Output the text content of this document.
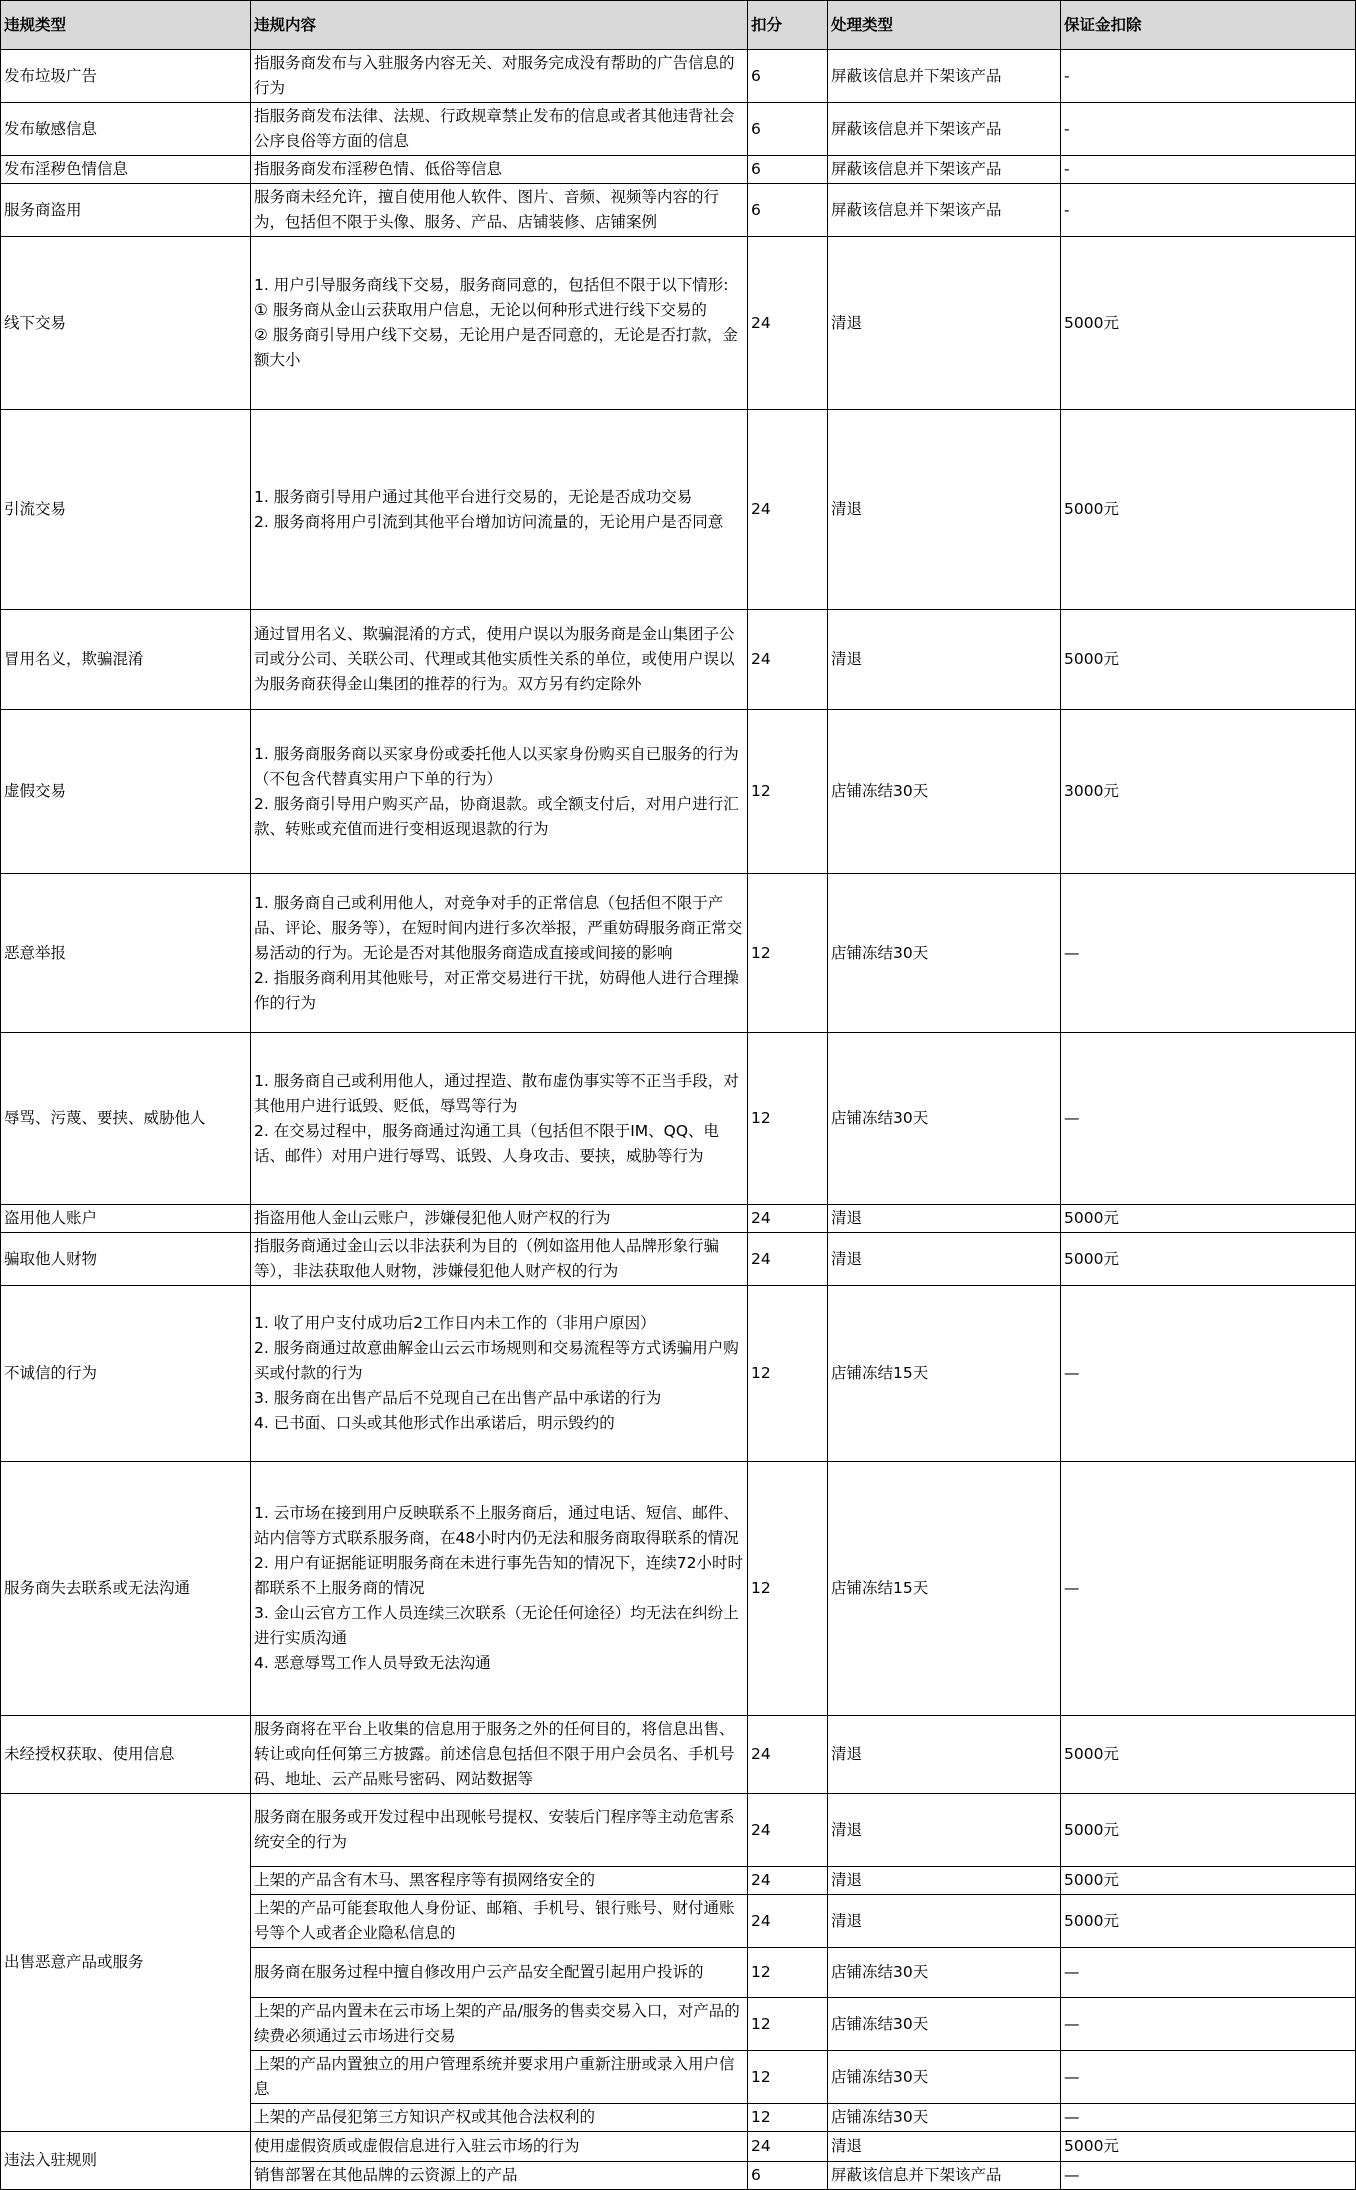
违规类型	违规内容	扣分	处理类型	保证金扣除
发布垃圾广告	指服务商发布与入驻服务内容无关、对服务完成没有帮助的广告信息的行为	6	屏蔽该信息并下架该产品	-
发布敏感信息	指服务商发布法律、法规、行政规章禁止发布的信息或者其他违背社会公序良俗等方面的信息	6	屏蔽该信息并下架该产品	-
发布淫秽色情信息	指服务商发布淫秽色情、低俗等信息	6	屏蔽该信息并下架该产品	-
服务商盗用	服务商未经允许，擅自使用他人软件、图片、音频、视频等内容的行为，包括但不限于头像、服务、产品、店铺装修、店铺案例	6	屏蔽该信息并下架该产品	-
线下交易	1. 用户引导服务商线下交易，服务商同意的，包括但不限于以下情形:
① 服务商从金山云获取用户信息，无论以何种形式进行线下交易的
② 服务商引导用户线下交易，无论用户是否同意的，无论是否打款，金额大小	24	清退	5000元
引流交易	1. 服务商引导用户通过其他平台进行交易的，无论是否成功交易
2. 服务商将用户引流到其他平台增加访问流量的，无论用户是否同意	24	清退	5000元
冒用名义，欺骗混淆	通过冒用名义、欺骗混淆的方式，使用户误以为服务商是金山集团子公司或分公司、关联公司、代理或其他实质性关系的单位，或使用户误以为服务商获得金山集团的推荐的行为。双方另有约定除外	24	清退	5000元
虚假交易	1. 服务商服务商以买家身份或委托他人以买家身份购买自已服务的行为（不包含代替真实用户下单的行为）
2. 服务商引导用户购买产品，协商退款。或全额支付后，对用户进行汇款、转账或充值而进行变相返现退款的行为	12	店铺冻结30天	3000元
恶意举报	1. 服务商自己或利用他人，对竞争对手的正常信息（包括但不限于产品、评论、服务等），在短时间内进行多次举报，严重妨碍服务商正常交易活动的行为。无论是否对其他服务商造成直接或间接的影响
2. 指服务商利用其他账号，对正常交易进行干扰，妨碍他人进行合理操作的行为	12	店铺冻结30天	—
辱骂、污蔑、要挟、威胁他人	1. 服务商自己或利用他人，通过捏造、散布虚伪事实等不正当手段，对其他用户进行诋毁、贬低，辱骂等行为
2. 在交易过程中，服务商通过沟通工具（包括但不限于IM、QQ、电话、邮件）对用户进行辱骂、诋毁、人身攻击、要挟，威胁等行为	12	店铺冻结30天	—
盗用他人账户	指盗用他人金山云账户，涉嫌侵犯他人财产权的行为	24	清退	5000元
骗取他人财物	指服务商通过金山云以非法获利为目的（例如盗用他人品牌形象行骗等），非法获取他人财物，涉嫌侵犯他人财产权的行为	24	清退	5000元
不诚信的行为	1. 收了用户支付成功后2工作日内未工作的（非用户原因）
2. 服务商通过故意曲解金山云云市场规则和交易流程等方式诱骗用户购买或付款的行为
3. 服务商在出售产品后不兑现自己在出售产品中承诺的行为
4. 已书面、口头或其他形式作出承诺后，明示毁约的	12	店铺冻结15天	—
服务商失去联系或无法沟通	1. 云市场在接到用户反映联系不上服务商后，通过电话、短信、邮件、站内信等方式联系服务商，在48小时内仍无法和服务商取得联系的情况
2. 用户有证据能证明服务商在未进行事先告知的情况下，连续72小时时都联系不上服务商的情况
3. 金山云官方工作人员连续三次联系（无论任何途径）均无法在纠纷上进行实质沟通
4. 恶意辱骂工作人员导致无法沟通	12	店铺冻结15天	—
未经授权获取、使用信息	服务商将在平台上收集的信息用于服务之外的任何目的，将信息出售、转让或向任何第三方披露。前述信息包括但不限于用户会员名、手机号码、地址、云产品账号密码、网站数据等	24	清退	5000元
出售恶意产品或服务	服务商在服务或开发过程中出现帐号提权、安装后门程序等主动危害系统安全的行为	24	清退	5000元
	上架的产品含有木马、黑客程序等有损网络安全的	24	清退	5000元
	上架的产品可能套取他人身份证、邮箱、手机号、银行账号、财付通账号等个人或者企业隐私信息的	24	清退	5000元
	服务商在服务过程中擅自修改用户云产品安全配置引起用户投诉的	12	店铺冻结30天	—
	上架的产品内置未在云市场上架的产品/服务的售卖交易入口，对产品的续费必须通过云市场进行交易	12	店铺冻结30天	—
	上架的产品内置独立的用户管理系统并要求用户重新注册或录入用户信息	12	店铺冻结30天	—
	上架的产品侵犯第三方知识产权或其他合法权利的	12	店铺冻结30天	—
违法入驻规则	使用虚假资质或虚假信息进行入驻云市场的行为	24	清退	5000元
	销售部署在其他品牌的云资源上的产品	6	屏蔽该信息并下架该产品	—
